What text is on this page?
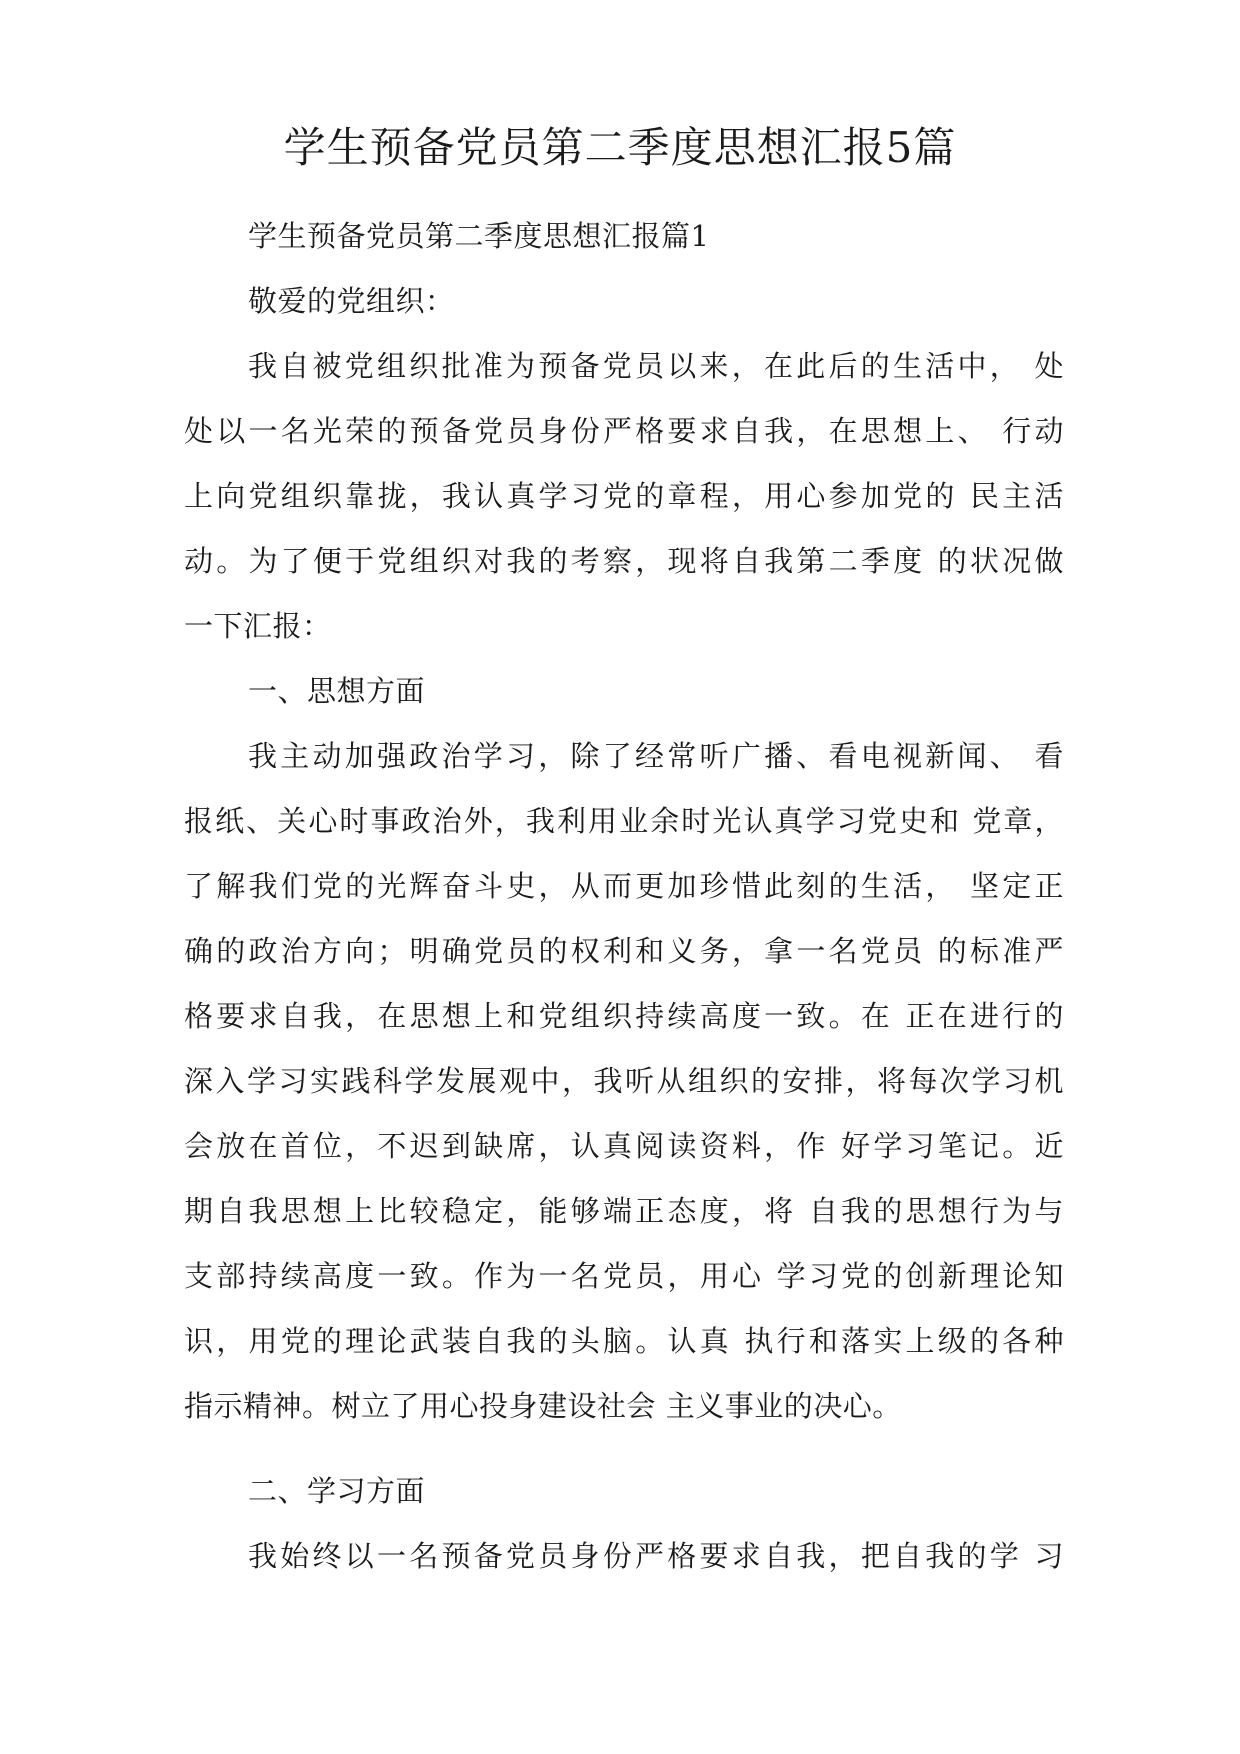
学生预备党员第二季度思想汇报5篇
学生预备党员第二季度思想汇报篇1
敬爱的党组织：
我自被党组织批准为预备党员以来，在此后的生活中， 处
处以一名光荣的预备党员身份严格要求自我，在思想上、 行动
上向党组织靠拢，我认真学习党的章程，用心参加党的 民主活
动。为了便于党组织对我的考察，现将自我第二季度 的状况做
一下汇报：
一、思想方面
我主动加强政治学习，除了经常听广播、看电视新闻、 看
报纸、关心时事政治外，我利用业余时光认真学习党史和 党章，
了解我们党的光辉奋斗史，从而更加珍惜此刻的生活， 坚定正
确的政治方向；明确党员的权利和义务，拿一名党员 的标准严
格要求自我，在思想上和党组织持续高度一致。在 正在进行的
深入学习实践科学发展观中，我听从组织的安排，将每次学习机
会放在首位，不迟到缺席，认真阅读资料，作 好学习笔记。近
期自我思想上比较稳定，能够端正态度，将 自我的思想行为与
支部持续高度一致。作为一名党员，用心 学习党的创新理论知
识，用党的理论武装自我的头脑。认真 执行和落实上级的各种
指示精神。树立了用心投身建设社会 主义事业的决心。
二、学习方面
我始终以一名预备党员身份严格要求自我，把自我的学 习
